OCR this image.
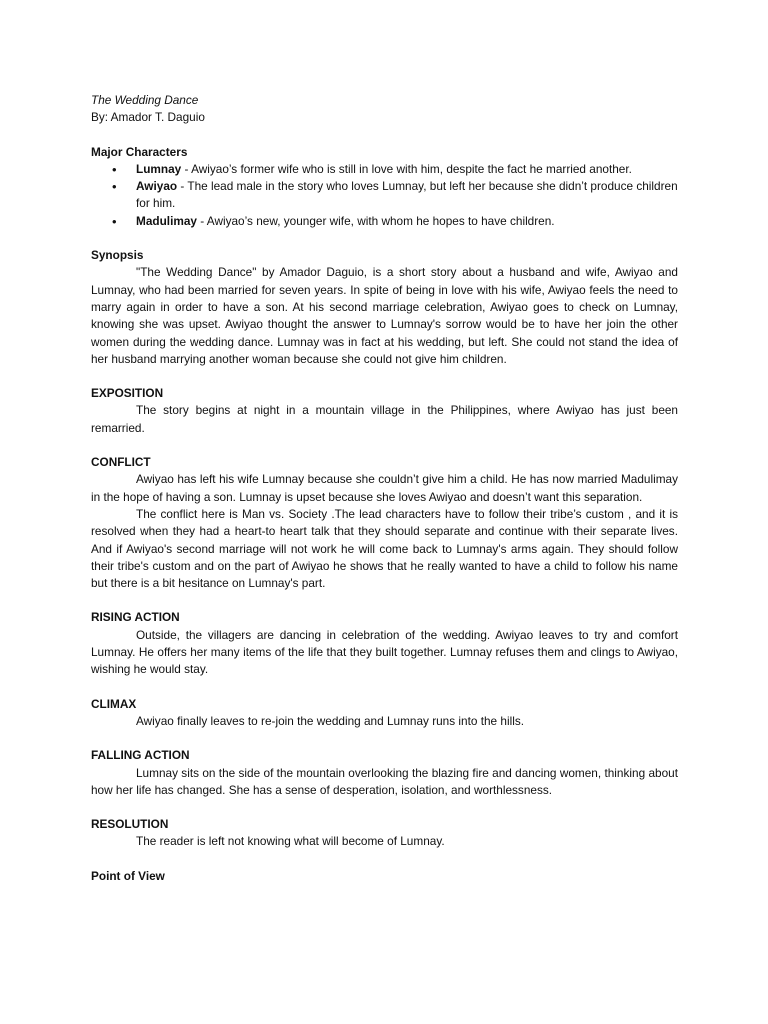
The Wedding Dance

By: Amador T. Daguio

Major Characters

• Lumnay - Awiyao’s former wife who is still in love with him, despite the fact he married another.
• Awiyao - The lead male in the story who loves Lumnay, but left her because she didn’t produce children for him.
• Madulimay - Awiyao’s new, younger wife, with whom he hopes to have children.

Synopsis

"The Wedding Dance" by Amador Daguio, is a short story about a husband and wife, Awiyao and Lumnay, who had been married for seven years. In spite of being in love with his wife, Awiyao feels the need to marry again in order to have a son. At his second marriage celebration, Awiyao goes to check on Lumnay, knowing she was upset. Awiyao thought the answer to Lumnay's sorrow would be to have her join the other women during the wedding dance. Lumnay was in fact at his wedding, but left. She could not stand the idea of her husband marrying another woman because she could not give him children.

EXPOSITION

The story begins at night in a mountain village in the Philippines, where Awiyao has just been remarried.

CONFLICT

Awiyao has left his wife Lumnay because she couldn’t give him a child. He has now married Madulimay in the hope of having a son. Lumnay is upset because she loves Awiyao and doesn’t want this separation.

The conflict here is Man vs. Society .The lead characters have to follow their tribe’s custom , and it is resolved when they had a heart-to heart talk that they should separate and continue with their separate lives. And if Awiyao's second marriage will not work he will come back to Lumnay's arms again. They should follow their tribe's custom and on the part of Awiyao he shows that he really wanted to have a child to follow his name but there is a bit hesitance on Lumnay's part.

RISING ACTION

Outside, the villagers are dancing in celebration of the wedding. Awiyao leaves to try and comfort Lumnay. He offers her many items of the life that they built together. Lumnay refuses them and clings to Awiyao, wishing he would stay.

CLIMAX

Awiyao finally leaves to re-join the wedding and Lumnay runs into the hills.

FALLING ACTION

Lumnay sits on the side of the mountain overlooking the blazing fire and dancing women, thinking about how her life has changed. She has a sense of desperation, isolation, and worthlessness.

RESOLUTION

The reader is left not knowing what will become of Lumnay.

Point of View
